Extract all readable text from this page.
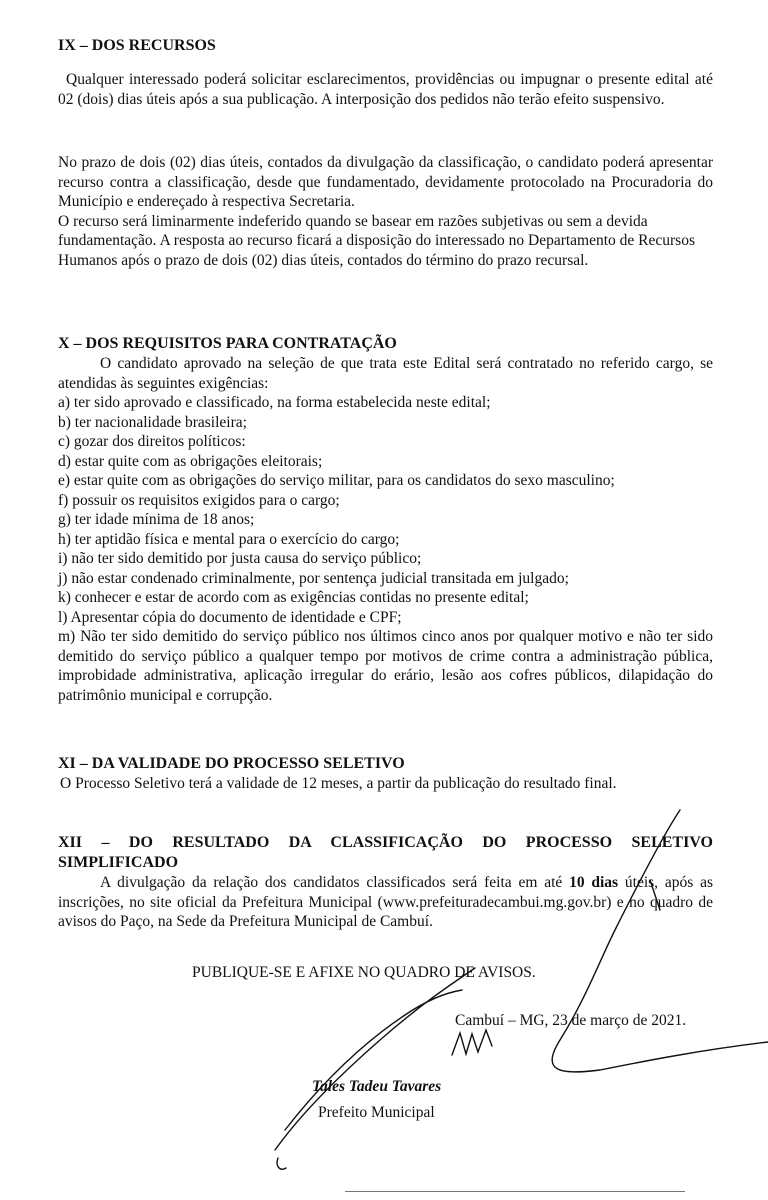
IX – DOS RECURSOS

Qualquer interessado poderá solicitar esclarecimentos, providências ou impugnar o presente edital até 02 (dois) dias úteis após a sua publicação. A interposição dos pedidos não terão efeito suspensivo.

No prazo de dois (02) dias úteis, contados da divulgação da classificação, o candidato poderá apresentar recurso contra a classificação, desde que fundamentado, devidamente protocolado na Procuradoria do Município e endereçado à respectiva Secretaria.

O recurso será liminarmente indeferido quando se basear em razões subjetivas ou sem a devida fundamentação. A resposta ao recurso ficará a disposição do interessado no Departamento de Recursos Humanos após o prazo de dois (02) dias úteis, contados do término do prazo recursal.

X – DOS REQUISITOS PARA CONTRATAÇÃO

O candidato aprovado na seleção de que trata este Edital será contratado no referido cargo, se atendidas às seguintes exigências:

a) ter sido aprovado e classificado, na forma estabelecida neste edital;

b) ter nacionalidade brasileira;

c) gozar dos direitos políticos:

d) estar quite com as obrigações eleitorais;

e) estar quite com as obrigações do serviço militar, para os candidatos do sexo masculino;

f) possuir os requisitos exigidos para o cargo;

g) ter idade mínima de 18 anos;

h) ter aptidão física e mental para o exercício do cargo;

i) não ter sido demitido por justa causa do serviço público;

j) não estar condenado criminalmente, por sentença judicial transitada em julgado;

k) conhecer e estar de acordo com as exigências contidas no presente edital;

l) Apresentar cópia do documento de identidade e CPF;

m) Não ter sido demitido do serviço público nos últimos cinco anos por qualquer motivo e não ter sido demitido do serviço público a qualquer tempo por motivos de crime contra a administração pública, improbidade administrativa, aplicação irregular do erário, lesão aos cofres públicos, dilapidação do patrimônio municipal e corrupção.

XI – DA VALIDADE DO PROCESSO SELETIVO

O Processo Seletivo terá a validade de 12 meses, a partir da publicação do resultado final.

XII – DO RESULTADO DA CLASSIFICAÇÃO DO PROCESSO SELETIVO
SIMPLIFICADO

A divulgação da relação dos candidatos classificados será feita em até 10 dias úteis, após as inscrições, no site oficial da Prefeitura Municipal (www.prefeituradecambui.mg.gov.br) e no quadro de avisos do Paço, na Sede da Prefeitura Municipal de Cambuí.

PUBLIQUE-SE E AFIXE NO QUADRO DE AVISOS.
Cambuí – MG, 23 de março de 2021.
Tales Tadeu Tavares
Prefeito Municipal
